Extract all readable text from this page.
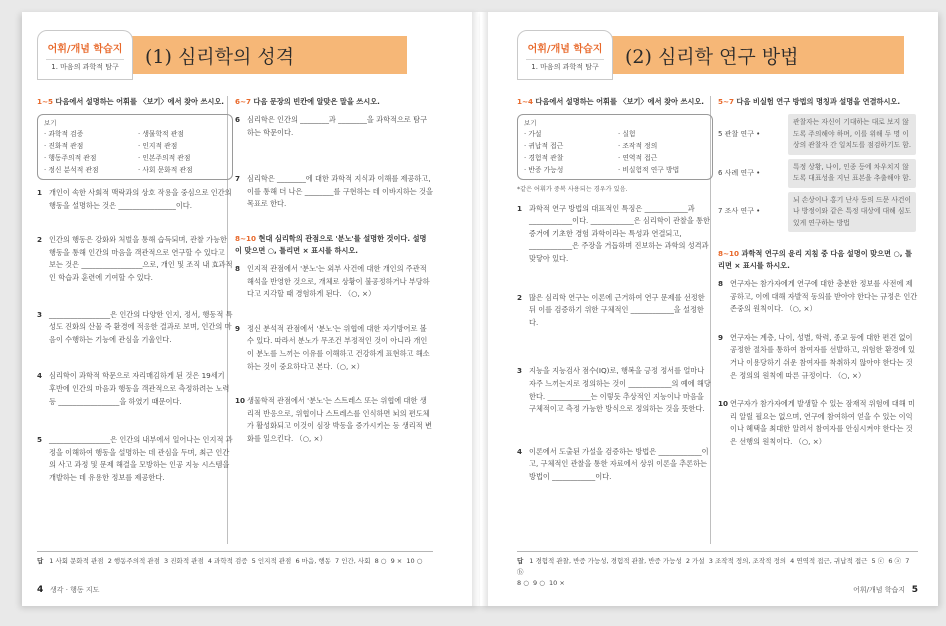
어휘/개념 학습지
1. 마음의 과학적 탐구	(1) 심리학의 성격
1~5 다음에서 설명하는 어휘를 〈보기〉에서 찾아 쓰시오.
보기
· 과학적 검증	· 생물학적 관점
· 진화적 관점	· 인지적 관점
· 행동주의적 관점	· 인본주의적 관점
· 정신 분석적 관점	· 사회 문화적 관점
1 개인이 속한 사회적 맥락과의 상호 작용을 중심으로 인간의 행동을 설명하는 것은 ________________이다.
2 인간의 행동은 강화와 처벌을 통해 습득되며, 관찰 가능한 행동을 통해 인간의 마음을 객관적으로 연구할 수 있다고 보는 것은 _________________으로, 개인 및 조직 내 효과적인 학습과 훈련에 기여할 수 있다.
3 _________________은 인간의 다양한 인지, 정서, 행동적 특성도 진화의 산물 즉 환경에 적응한 결과로 보며, 인간의 마음이 수행하는 기능에 관심을 기울인다.
4 심리학이 과학적 학문으로 자리매김하게 된 것은 19세기 후반에 인간의 마음과 행동을 객관적으로 측정하려는 노력 등 _________________을 하였기 때문이다.
5 _________________은 인간의 내부에서 일어나는 인지적 과정을 이해하여 행동을 설명하는 데 관심을 두며, 최근 인간의 사고 과정 및 문제 해결을 모방하는 인공 지능 시스템을 개발하는 데 유용한 정보를 제공한다.
6~7 다음 문장의 빈칸에 알맞은 말을 쓰시오.
6 심리학은 인간의 ________과 ________을 과학적으로 탐구하는 학문이다.
7 심리학은 ________에 대한 과학적 지식과 이해를 제공하고, 이를 통해 더 나은 ________를 구현하는 데 이바지하는 것을 목표로 한다.
8~10 현대 심리학의 관점으로 '분노'를 설명한 것이다. 설명이 맞으면 ○, 틀리면 × 표시를 하시오.
8 인지적 관점에서 '분노'는 외부 사건에 대한 개인의 주관적 해석을 반영한 것으로, 개체로 상황이 불공정하거나 부당하다고 지각할 때 경험하게 된다. （○, ×）
9 정신 분석적 관점에서 '분노'는 위협에 대한 자기방어로 볼 수 있다. 따라서 분노가 무조건 부정적인 것이 아니라 개인이 분노를 느끼는 이유를 이해하고 건강하게 표현하고 해소하는 것이 중요하다고 본다.（○, ×）
10 생물학적 관점에서 '분노'는 스트레스 또는 위협에 대한 생리적 반응으로, 위협이나 스트레스를 인식하면 뇌의 편도체가 활성화되고 이것이 심장 박동을 증가시키는 등 생리적 변화를 일으킨다. （○, ×）
답 1 사회 문화적 관점  2 행동주의적 관점  3 진화적 관점  4 과학적 검증  5 인지적 관점  6 마음, 행동  7 인간, 사회  8 ○  9 ×  10 ○
4 생각 · 행동 지도
어휘/개념 학습지
1. 마음의 과학적 탐구	(2) 심리학 연구 방법
1~4 다음에서 설명하는 어휘를 〈보기〉에서 찾아 쓰시오.
보기
· 가설	· 실험
· 귀납적 접근	· 조작적 정의
· 경험적 관찰	· 연역적 접근
· 반증 가능성	· 비실험적 연구 방법
*같은 어휘가 중복 사용되는 경우가 있음.
1 과학적 연구 방법의 대표적인 특징은 ____________과 ____________이다. ____________은 심리학이 관찰을 통한 증거에 기초한 경험 과학이라는 특성과 연결되고, ____________은 주장을 거듭하며 진보하는 과학의 성격과 맞닿아 있다.
2 많은 심리학 연구는 이론에 근거하여 연구 문제를 선정한 뒤 이를 검증하기 위한 구체적인 ____________을 설정한다.
3 지능을 지능검사 점수(IQ)로, 행복을 긍정 정서를 얼마나 자주 느끼는지로 정의하는 것이 ____________의 예에 해당한다. ____________는 이렇듯 추상적인 지능이나 마음을 구체적이고 측정 가능한 방식으로 정의하는 것을 뜻한다.
4 이론에서 도출된 가설을 검증하는 방법은 ____________이고, 구체적인 관찰을 통한 자료에서 상위 이론을 추론하는 방법이 ____________이다.
5~7 다음 비실험 연구 방법의 명칭과 설명을 연결하시오.
5 관찰 연구 •
관찰자는 자신이 기대하는 대로 보지 않도록 주의해야 하며, 이를 위해 두 명 이상의 관찰자 간 일치도를 점검하기도 함.
6 사례 연구 •
특정 상황, 나이, 인종 등에 차우치지 않도록 대표성을 지닌 표본을 추출해야 함.
7 조사 연구 •
뇌 손상이나 홍기 난사 등의 드문 사건이나 방정이와 같은 특정 대상에 대해 심도 있게 연구하는 방법
8~10 과학적 연구의 윤리 지침 중 다음 설명이 맞으면 ○, 틀리면 × 표시를 하시오.
8 연구자는 참가자에게 연구에 대한 충분한 정보를 사전에 제공하고, 이에 대해 자발적 동의를 받아야 한다는 규정은 인간 존중의 원칙이다. （○, ×）
9 연구자는 계층, 나이, 성별, 학력, 종교 등에 대한 편견 없이 공정한 절차를 통하여 참여자를 선발하고, 위험한 환경에 있거나 이용당하기 쉬운 참여자를 착취하지 않아야 한다는 것은 정의의 원칙에 따른 규정이다. （○, ×）
10 연구자가 참가자에게 발생할 수 있는 잠재적 위험에 대해 미리 알릴 필요는 없으며, 연구에 참여하여 얻을 수 있는 이익이나 혜택을 최대한 알려서 참여자를 안심시켜야 한다는 것은 선행의 원칙이다. （○, ×）
답 1 경험적 관찰, 반증 가능성, 경험적 관찰, 반증 가능성  2 가설  3 조작적 정의, 조작적 정의  4 연역적 접근, 귀납적 접근  5 ⓒ  6 ⓐ  7 ⓑ
8 ○  9 ○  10 ×
어휘/개념 학습지 5
